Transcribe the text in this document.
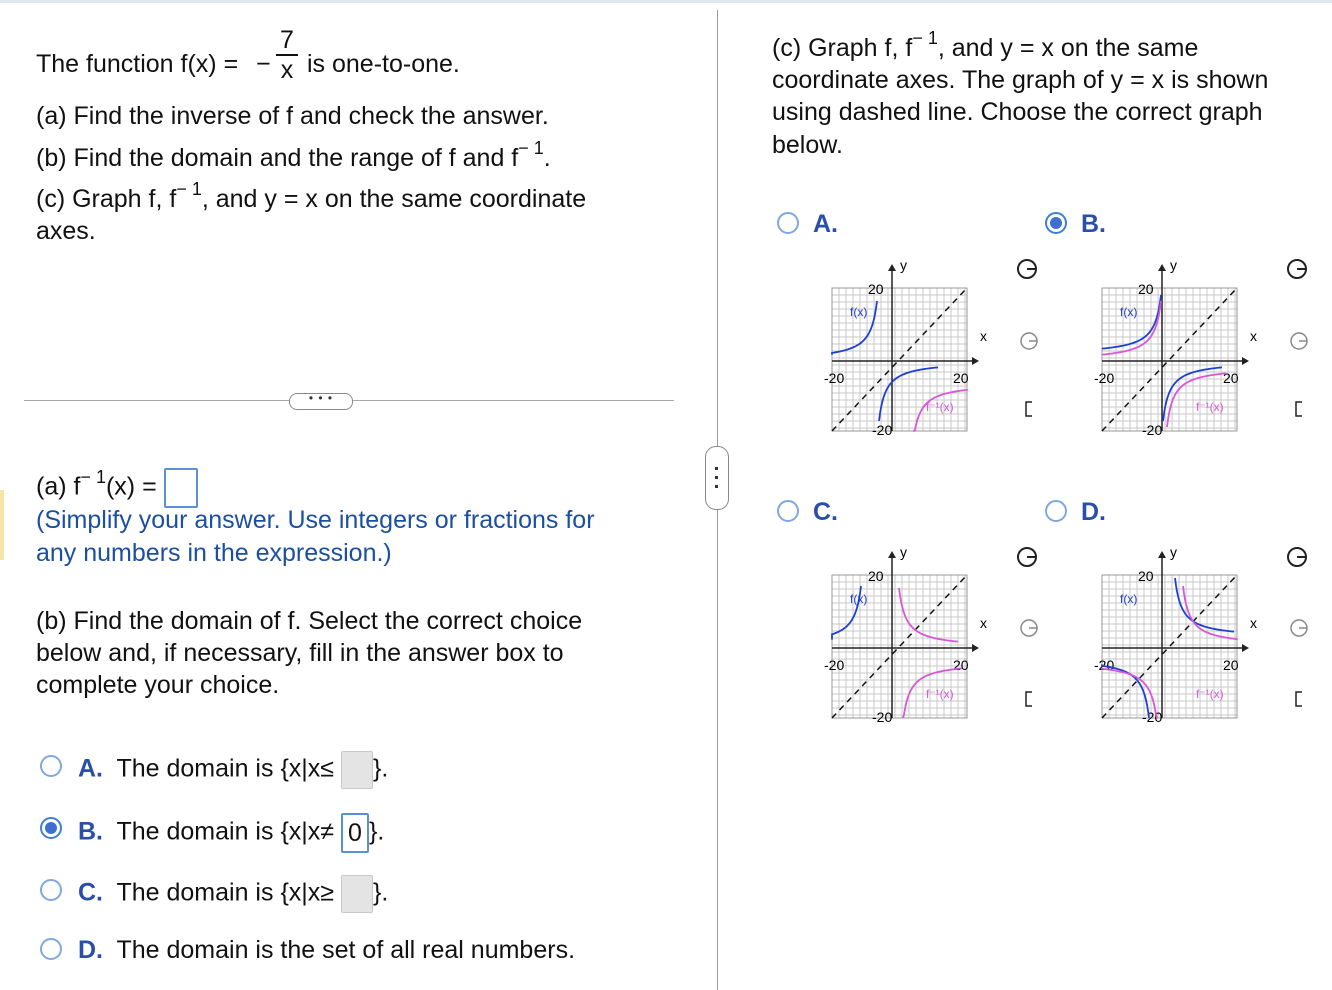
The function f(x) = −
7
x is one-to-one.
(a) Find the inverse of f and check the answer.
(b) Find the domain and the range of f and $f^{- 1}$.
(c) Graph f, $f^{- 1}$, and y = x on the same coordinate
axes.
• • •
(a) $f^{- 1}(x)$ =
(Simplify your answer. Use integers or fractions for
any numbers in the expression.)
(b) Find the domain of f. Select the correct choice
below and, if necessary, fill in the answer box to
complete your choice.
A. The domain is {x|x≤ }.
B. The domain is {x|x≠ 0 }.
C. The domain is {x|x≥ }.
D. The domain is the set of all real numbers.
(c) Graph f, $f^{- 1}$, and y = x on the same
coordinate axes. The graph of y = x is shown
using dashed line. Choose the correct graph
below.
A.	B.
C.	D.
y
x
20
-20	20
-20
f(x)
f⁻¹(x)
y
x
20
-20	20
-20
f(x)
f⁻¹(x)
y
x
20
-20	20
-20
f(x)
f⁻¹(x)
y
x
20
-20	20
-20
f(x)
f⁻¹(x)
